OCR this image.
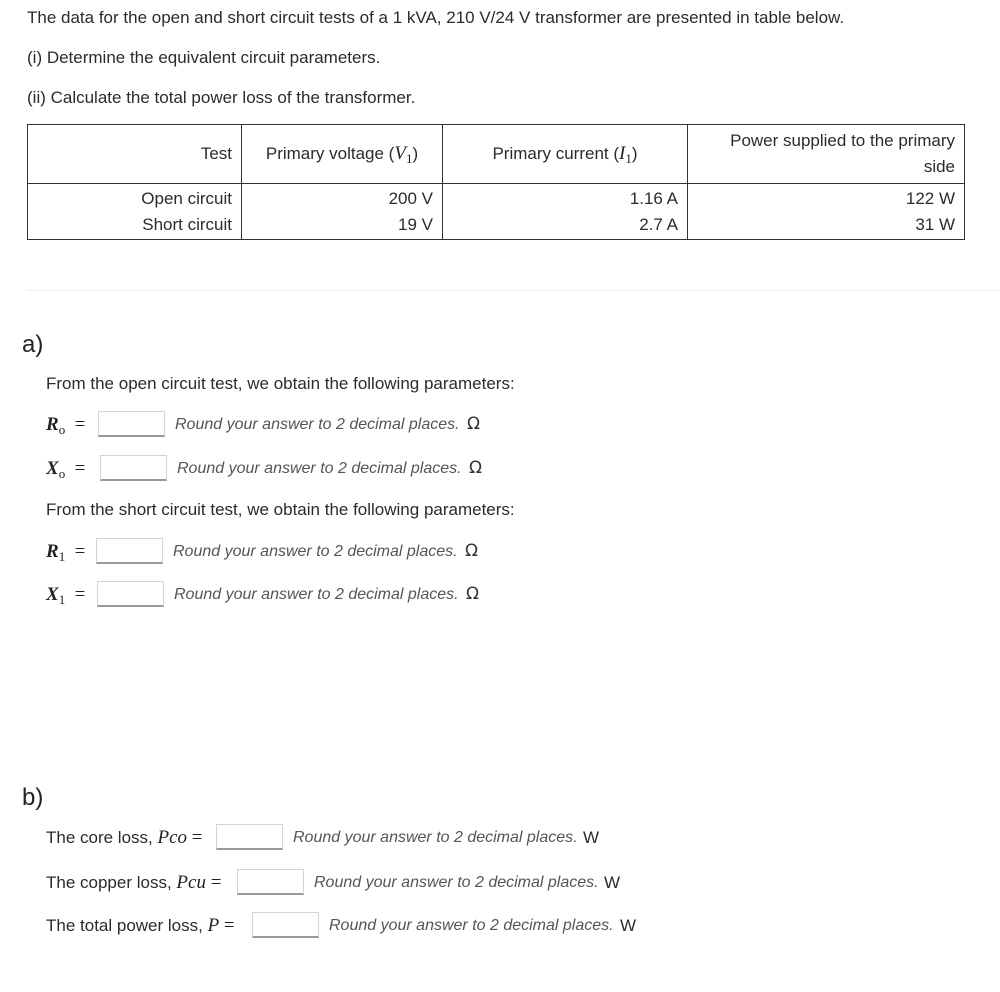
The data for the open and short circuit tests of a 1 kVA, 210 V/24 V transformer are presented in table below.
(i) Determine the equivalent circuit parameters.
(ii) Calculate the total power loss of the transformer.
Test	Primary voltage $(V_1)$	Primary current $(I_1)$	Power supplied to the primary
side
Open circuit	200 V	1.16 A	122 W
Short circuit	19 V	2.7 A	31 W
a)
From the open circuit test, we obtain the following parameters:
$R_o$ =	Round your answer to 2 decimal places. Ω
$X_o$ =	Round your answer to 2 decimal places. Ω
From the short circuit test, we obtain the following parameters:
$R_1$ =	Round your answer to 2 decimal places. Ω
$X_1$ =	Round your answer to 2 decimal places. Ω
b)
The core loss, Pco =	Round your answer to 2 decimal places. W
The copper loss, Pcu =	Round your answer to 2 decimal places. W
The total power loss, P =	Round your answer to 2 decimal places. W
